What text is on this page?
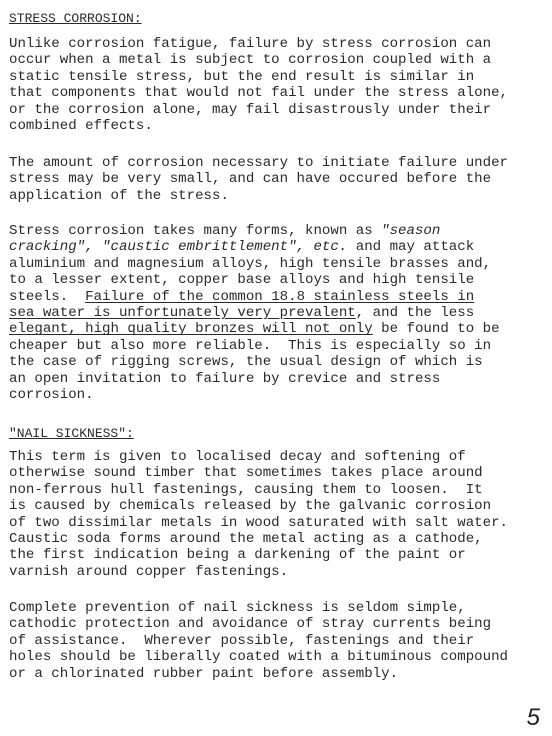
STRESS CORROSION:
Unlike corrosion fatigue, failure by stress corrosion can
occur when a metal is subject to corrosion coupled with a
static tensile stress, but the end result is similar in
that components that would not fail under the stress alone,
or the corrosion alone, may fail disastrously under their
combined effects.
The amount of corrosion necessary to initiate failure under
stress may be very small, and can have occured before the
application of the stress.
Stress corrosion takes many forms, known as "season
cracking", "caustic embrittlement", etc. and may attack
aluminium and magnesium alloys, high tensile brasses and,
to a lesser extent, copper base alloys and high tensile
steels.  Failure of the common 18.8 stainless steels in
sea water is unfortunately very prevalent, and the less
elegant, high quality bronzes will not only be found to be
cheaper but also more reliable.  This is especially so in
the case of rigging screws, the usual design of which is
an open invitation to failure by crevice and stress
corrosion.
"NAIL SICKNESS":
This term is given to localised decay and softening of
otherwise sound timber that sometimes takes place around
non-ferrous hull fastenings, causing them to loosen.  It
is caused by chemicals released by the galvanic corrosion
of two dissimilar metals in wood saturated with salt water.
Caustic soda forms around the metal acting as a cathode,
the first indication being a darkening of the paint or
varnish around copper fastenings.
Complete prevention of nail sickness is seldom simple,
cathodic protection and avoidance of stray currents being
of assistance.  Wherever possible, fastenings and their
holes should be liberally coated with a bituminous compound
or a chlorinated rubber paint before assembly.
5
